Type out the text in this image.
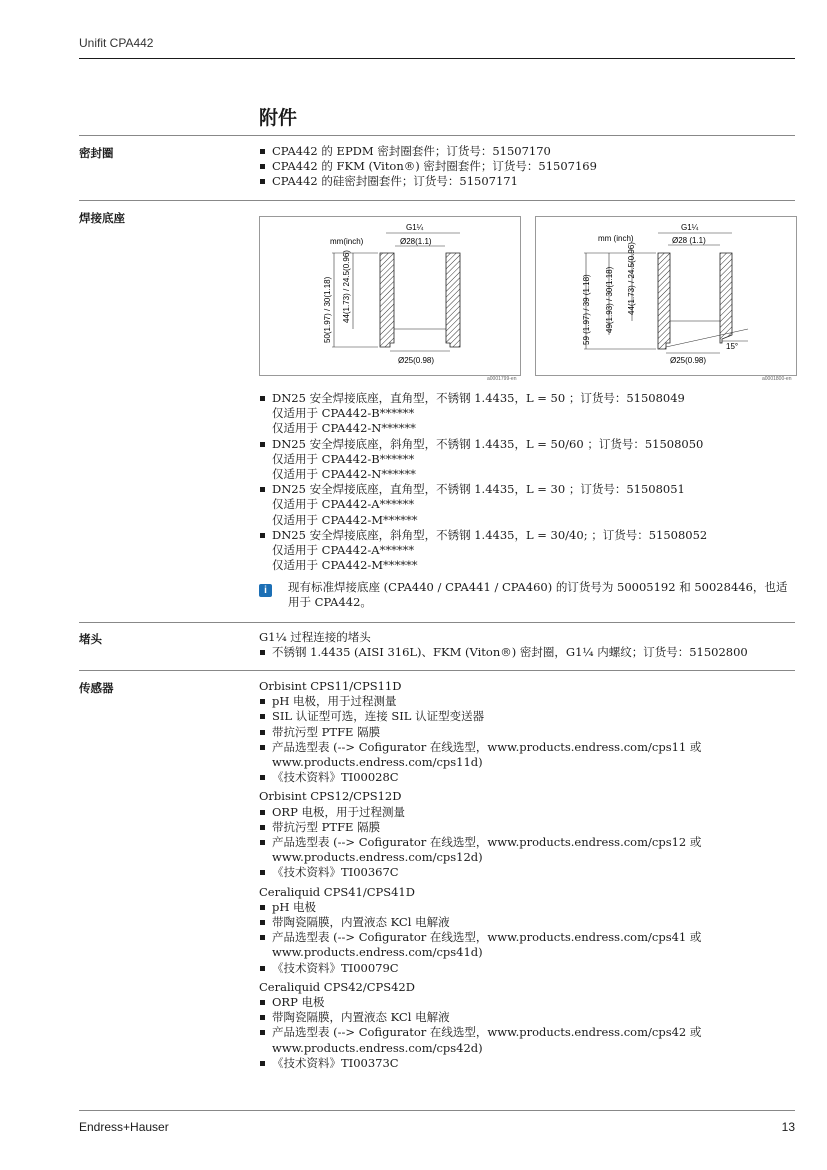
Unifit CPA442
附件
密封圈	CPA442 的 EPDM 密封圈套件；订货号：51507170
CPA442 的 FKM (Viton®) 密封圈套件；订货号：51507169
CPA442 的硅密封圈套件；订货号：51507171
焊接底座
mm(inch)
G1¼
Ø28(1.1)
50(1.97) / 30(1.18) 44(1.73) / 24.5(0.96)
Ø25(0.98)
a0001799-en
mm (inch)
G1¼
Ø28 (1.1)
15°
59 (1.97) / 39 (1.18) 49(1.93) / 30(1.18) 44(1.73) / 24.5(0.96)
Ø25(0.98)
a0001800-en
DN25 安全焊接底座，直角型，不锈钢 1.4435，L = 50 ；订货号：51508049
仅适用于 CPA442-B******
仅适用于 CPA442-N******
DN25 安全焊接底座，斜角型，不锈钢 1.4435，L = 50/60 ；订货号：51508050
仅适用于 CPA442-B******
仅适用于 CPA442-N******
DN25 安全焊接底座，直角型，不锈钢 1.4435，L = 30 ；订货号：51508051
仅适用于 CPA442-A******
仅适用于 CPA442-M******
DN25 安全焊接底座，斜角型，不锈钢 1.4435，L = 30/40; ；订货号：51508052
仅适用于 CPA442-A******
仅适用于 CPA442-M******
i	现有标准焊接底座 (CPA440 / CPA441 / CPA460) 的订货号为 50005192 和 50028446，也适用于 CPA442。
堵头	G1¼ 过程连接的堵头
不锈钢 1.4435 (AISI 316L)、FKM (Viton®) 密封圈，G1¼ 内螺纹；订货号：51502800
传感器	Orbisint CPS11/CPS11D
pH 电极，用于过程测量
SIL 认证型可选，连接 SIL 认证型变送器
带抗污型 PTFE 隔膜
产品选型表 (--> Cofigurator 在线选型，www.products.endress.com/cps11 或 www.products.endress.com/cps11d)
《技术资料》TI00028C
Orbisint CPS12/CPS12D
ORP 电极，用于过程测量
带抗污型 PTFE 隔膜
产品选型表 (--> Cofigurator 在线选型，www.products.endress.com/cps12 或 www.products.endress.com/cps12d)
《技术资料》TI00367C
Ceraliquid CPS41/CPS41D
pH 电极
带陶瓷隔膜，内置液态 KCl 电解液
产品选型表 (--> Cofigurator 在线选型，www.products.endress.com/cps41 或 www.products.endress.com/cps41d)
《技术资料》TI00079C
Ceraliquid CPS42/CPS42D
ORP 电极
带陶瓷隔膜，内置液态 KCl 电解液
产品选型表 (--> Cofigurator 在线选型，www.products.endress.com/cps42 或 www.products.endress.com/cps42d)
《技术资料》TI00373C
Endress+Hauser	13
